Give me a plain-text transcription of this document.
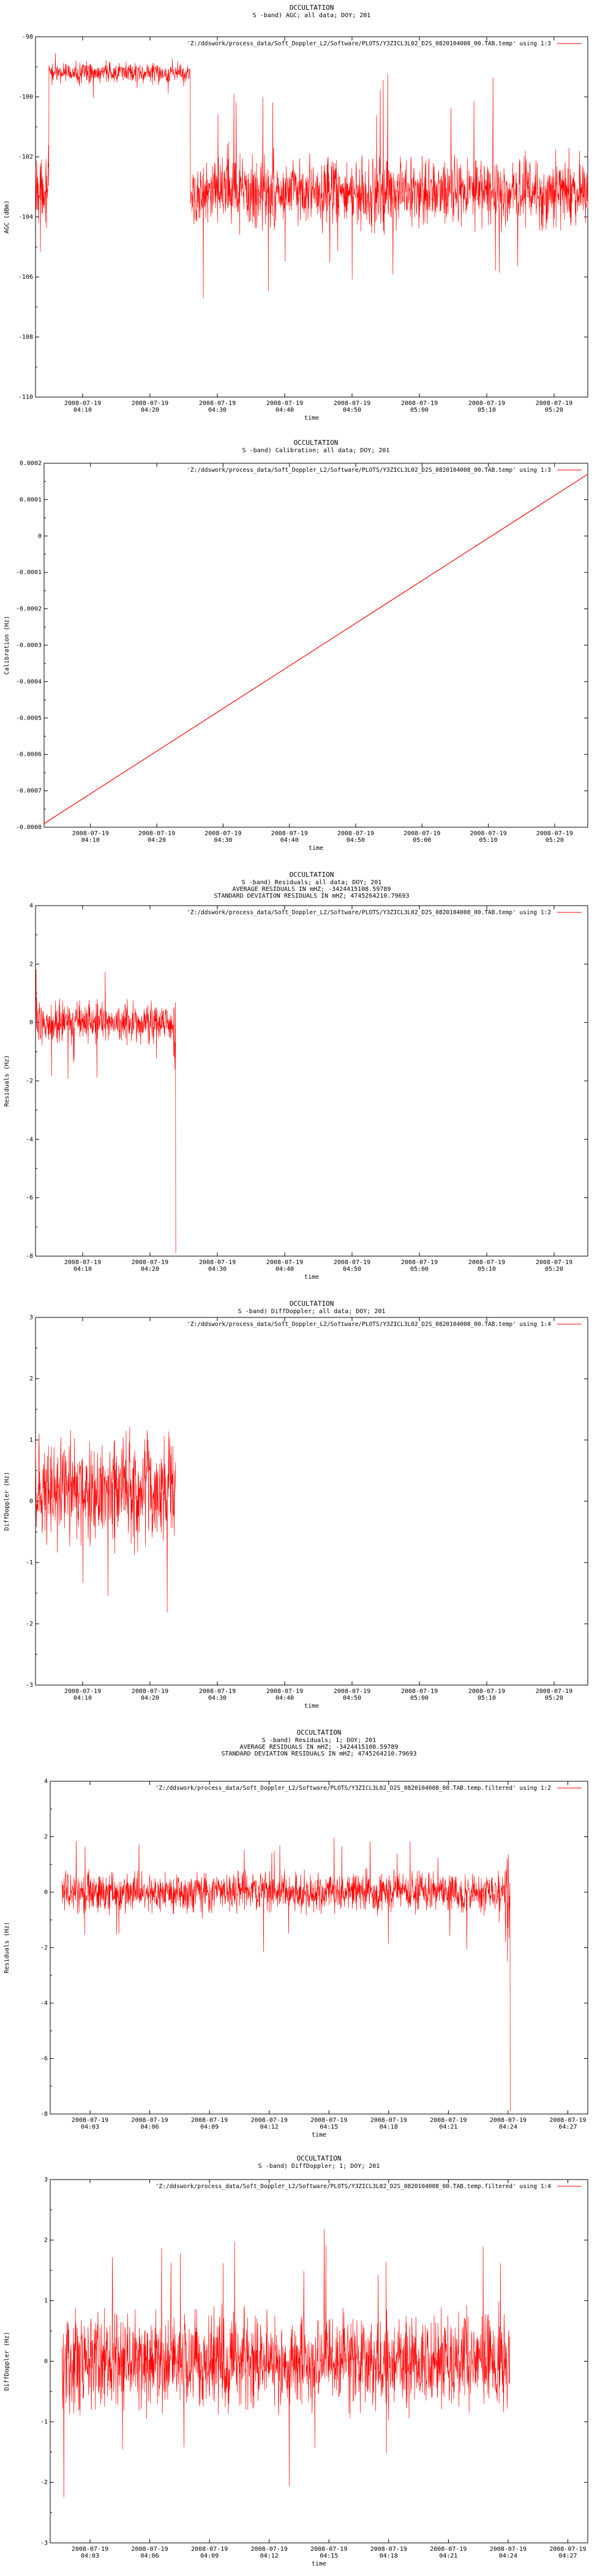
OCCULTATION
S -band) AGC; all data; DOY; 201
-98
-100
-102
-104
-106
-108
-110
2008-07-19
04:10
2008-07-19
04:20
2008-07-19
04:30
2008-07-19
04:40
2008-07-19
04:50
2008-07-19
05:00
2008-07-19
05:10
2008-07-19
05:20
time
AGC (dBm)
'Z:/ddswork/process_data/Soft_Doppler_L2/Software/PLOTS/Y3ZICL3L02_D2S_0820104008_00.TAB.temp' using 1:3
OCCULTATION
S -band) Calibration; all data; DOY; 201
0.0002
0.0001
0
-0.0001
-0.0002
-0.0003
-0.0004
-0.0005
-0.0006
-0.0007
-0.0008
2008-07-19
04:10
2008-07-19
04:20
2008-07-19
04:30
2008-07-19
04:40
2008-07-19
04:50
2008-07-19
05:00
2008-07-19
05:10
2008-07-19
05:20
time
Calibration (Hz)
'Z:/ddswork/process_data/Soft_Doppler_L2/Software/PLOTS/Y3ZICL3L02_D2S_0820104008_00.TAB.temp' using 1:3
OCCULTATION
S -band) Residuals; all data; DOY; 201
AVERAGE RESIDUALS IN mHZ; -3424415108.59789
STANDARD DEVIATION RESIDUALS IN mHZ; 4745264210.79693
4
2
0
-2
-4
-6
-8
2008-07-19
04:10
2008-07-19
04:20
2008-07-19
04:30
2008-07-19
04:40
2008-07-19
04:50
2008-07-19
05:00
2008-07-19
05:10
2008-07-19
05:20
time
Residuals (Hz)
'Z:/ddswork/process_data/Soft_Doppler_L2/Software/PLOTS/Y3ZICL3L02_D2S_0820104008_00.TAB.temp' using 1:2
OCCULTATION
S -band) DiffDoppler; all data; DOY; 201
3
2
1
0
-1
-2
-3
2008-07-19
04:10
2008-07-19
04:20
2008-07-19
04:30
2008-07-19
04:40
2008-07-19
04:50
2008-07-19
05:00
2008-07-19
05:10
2008-07-19
05:20
time
DiffDoppler (Hz)
'Z:/ddswork/process_data/Soft_Doppler_L2/Software/PLOTS/Y3ZICL3L02_D2S_0820104008_00.TAB.temp' using 1:4
OCCULTATION
S -band) Residuals; 1; DOY; 201
AVERAGE RESIDUALS IN mHZ; -3424415108.59789
STANDARD DEVIATION RESIDUALS IN mHZ; 4745264210.79693
4
2
0
-2
-4
-6
-8
2008-07-19
04:03
2008-07-19
04:06
2008-07-19
04:09
2008-07-19
04:12
2008-07-19
04:15
2008-07-19
04:18
2008-07-19
04:21
2008-07-19
04:24
2008-07-19
04:27
time
Residuals (Hz)
'Z:/ddswork/process_data/Soft_Doppler_L2/Software/PLOTS/Y3ZICL3L02_D2S_0820104008_00.TAB.temp.filtered' using 1:2
OCCULTATION
S -band) DiffDoppler; 1; DOY; 201
3
2
1
0
-1
-2
-3
2008-07-19
04:03
2008-07-19
04:06
2008-07-19
04:09
2008-07-19
04:12
2008-07-19
04:15
2008-07-19
04:18
2008-07-19
04:21
2008-07-19
04:24
2008-07-19
04:27
time
DiffDoppler (Hz)
'Z:/ddswork/process_data/Soft_Doppler_L2/Software/PLOTS/Y3ZICL3L02_D2S_0820104008_00.TAB.temp.filtered' using 1:4
